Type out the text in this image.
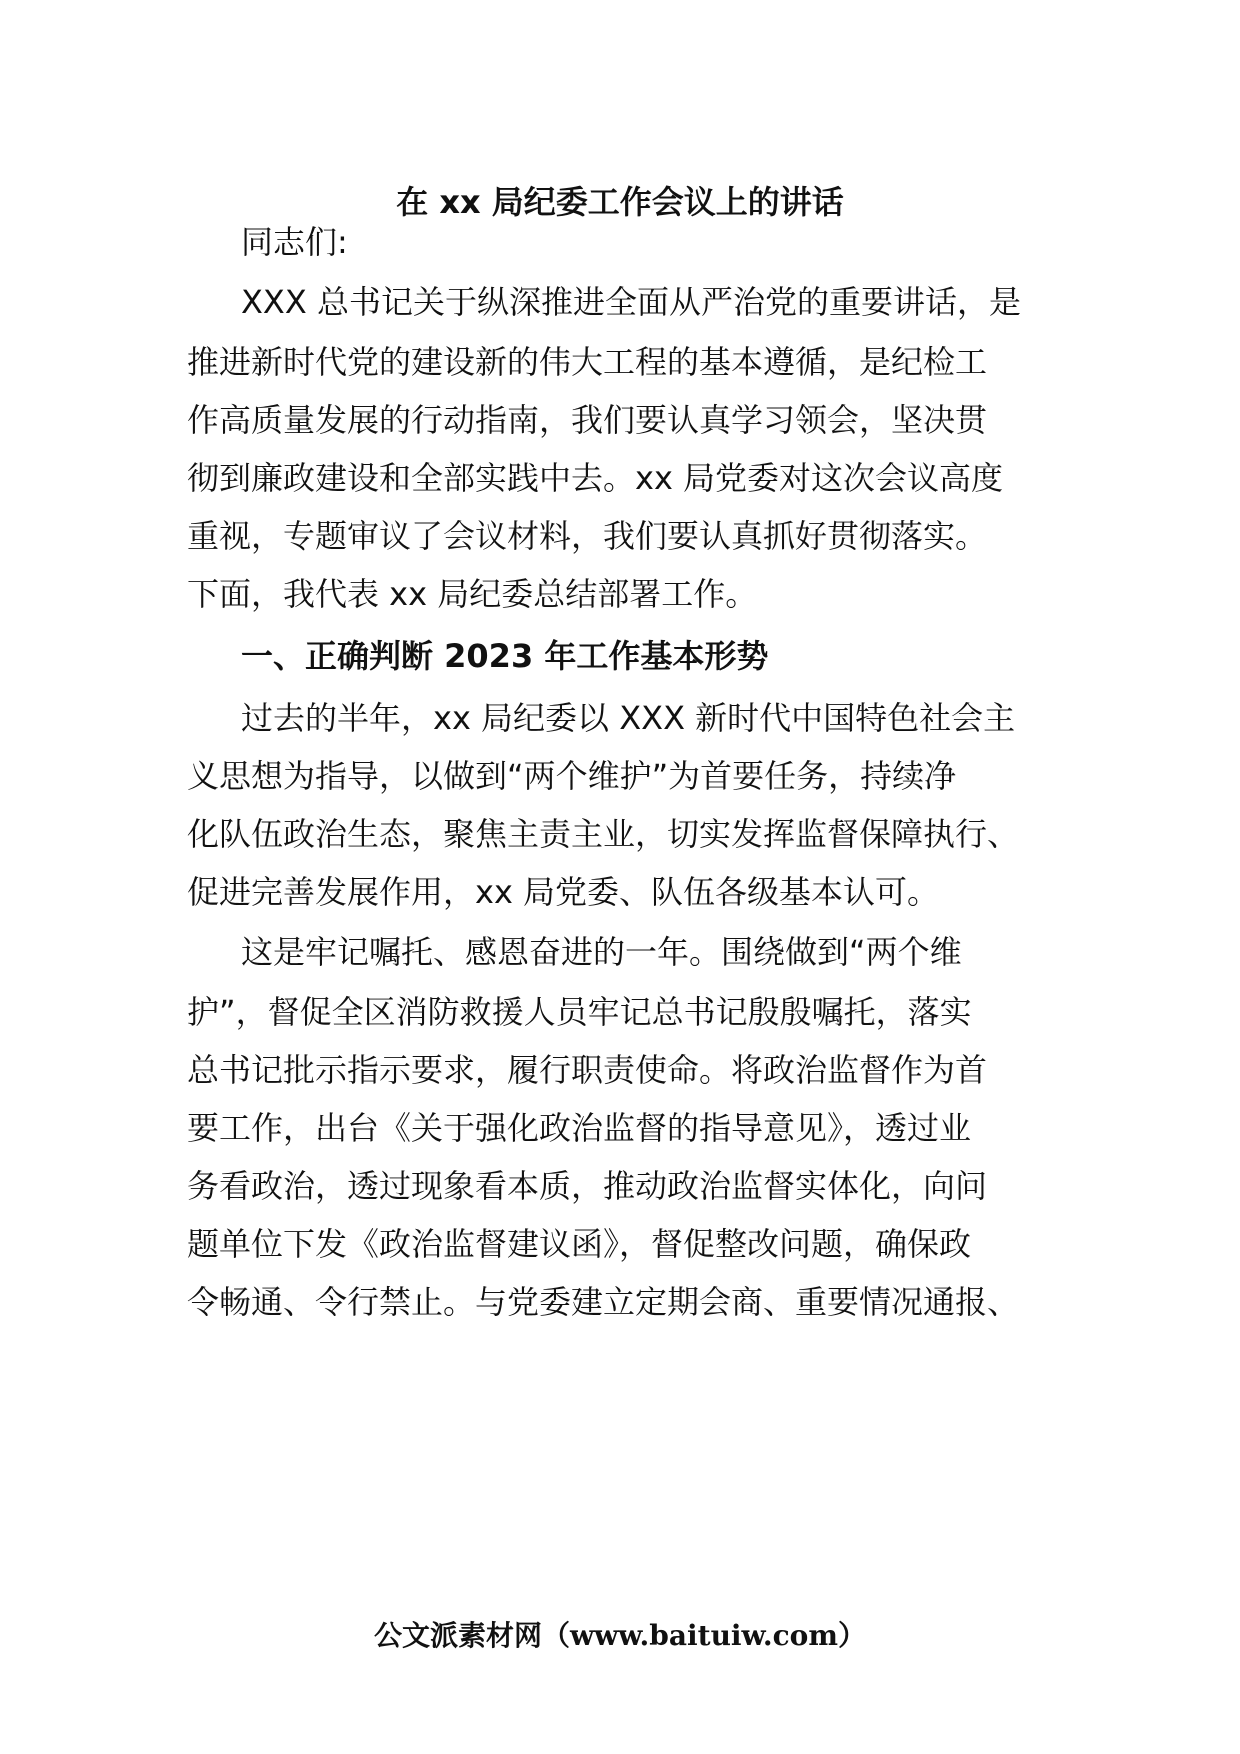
在 xx 局纪委工作会议上的讲话
同志们:
XXX 总书记关于纵深推进全面从严治党的重要讲话，是
推进新时代党的建设新的伟大工程的基本遵循，是纪检工
作高质量发展的行动指南，我们要认真学习领会，坚决贯
彻到廉政建设和全部实践中去。xx 局党委对这次会议高度
重视，专题审议了会议材料，我们要认真抓好贯彻落实。
下面，我代表 xx 局纪委总结部署工作。
一、正确判断 2023 年工作基本形势
过去的半年，xx 局纪委以 XXX 新时代中国特色社会主
义思想为指导，以做到“两个维护”为首要任务，持续净
化队伍政治生态，聚焦主责主业，切实发挥监督保障执行、
促进完善发展作用，xx 局党委、队伍各级基本认可。
这是牢记嘱托、感恩奋进的一年。围绕做到“两个维
护”，督促全区消防救援人员牢记总书记殷殷嘱托，落实
总书记批示指示要求，履行职责使命。将政治监督作为首
要工作，出台《关于强化政治监督的指导意见》，透过业
务看政治，透过现象看本质，推动政治监督实体化，向问
题单位下发《政治监督建议函》，督促整改问题，确保政
令畅通、令行禁止。与党委建立定期会商、重要情况通报、
公文派素材网（www.baituiw.com）
